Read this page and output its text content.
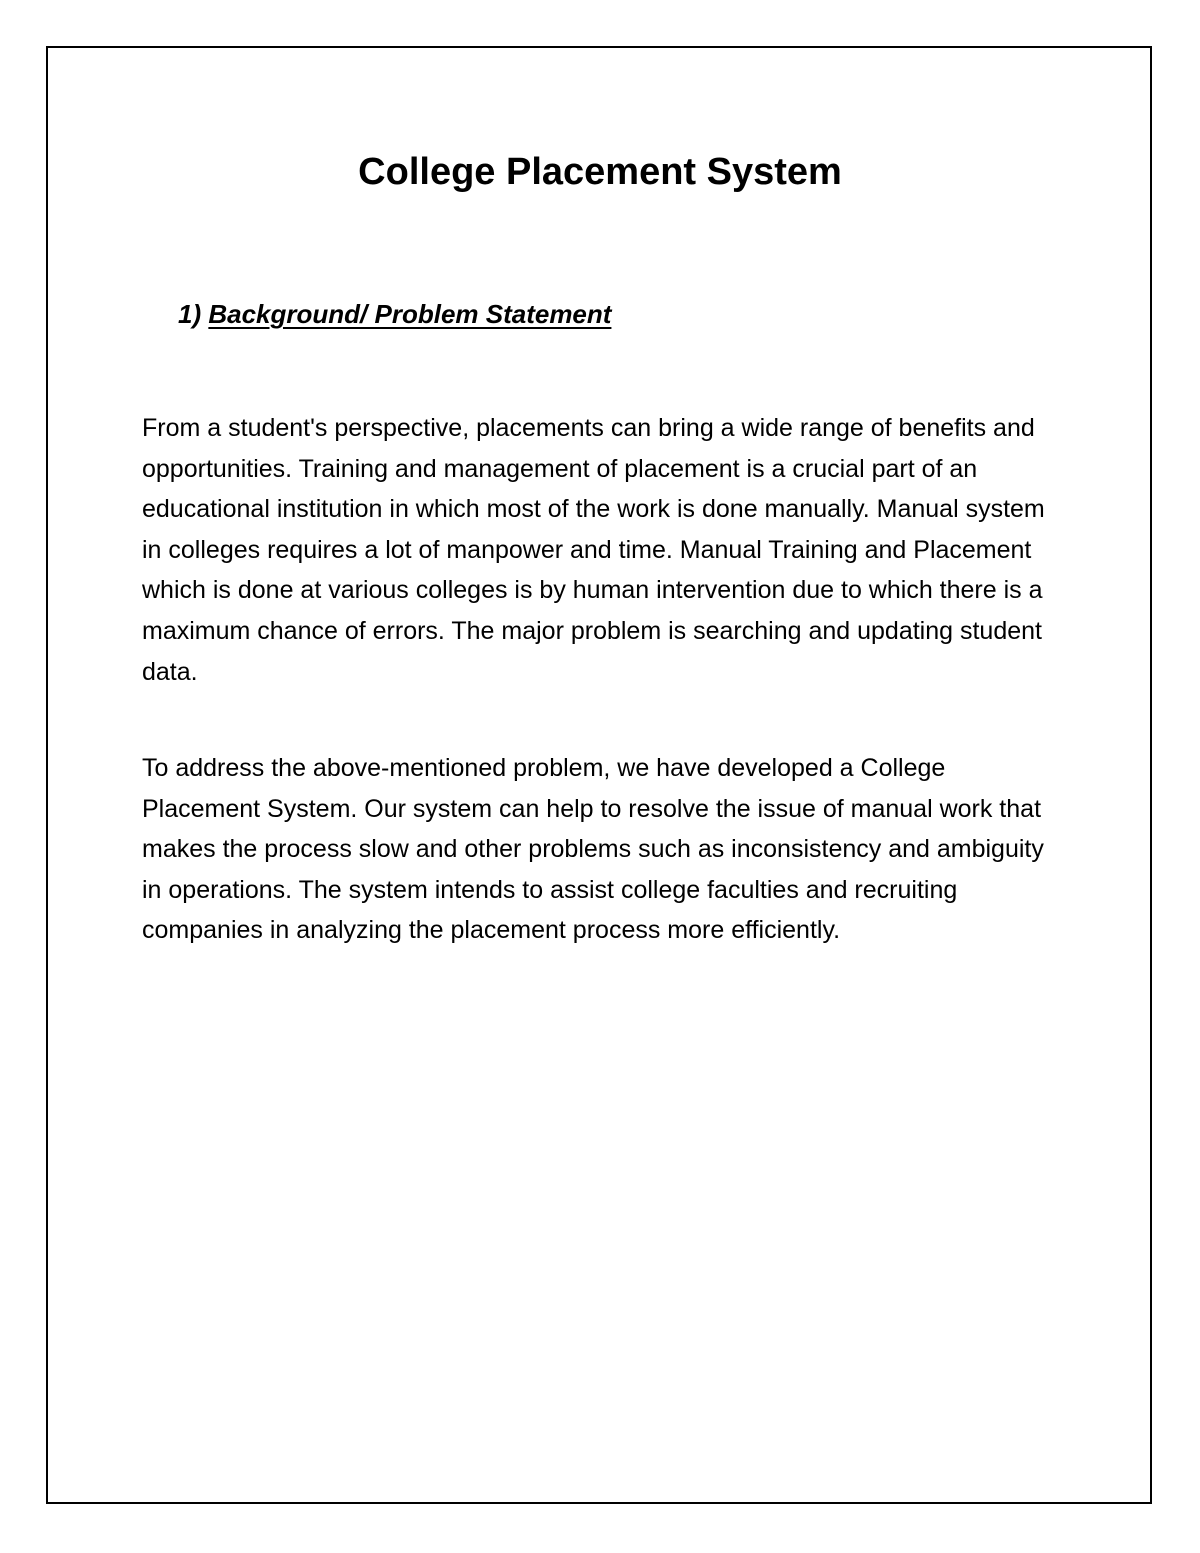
College Placement System
1) Background/ Problem Statement

From a student's perspective, placements can bring a wide range of benefits and opportunities. Training and management of placement is a crucial part of an educational institution in which most of the work is done manually. Manual system in colleges requires a lot of manpower and time. Manual Training and Placement which is done at various colleges is by human intervention due to which there is a maximum chance of errors. The major problem is searching and updating student data.

To address the above-mentioned problem, we have developed a College Placement System. Our system can help to resolve the issue of manual work that makes the process slow and other problems such as inconsistency and ambiguity in operations. The system intends to assist college faculties and recruiting companies in analyzing the placement process more efficiently.
